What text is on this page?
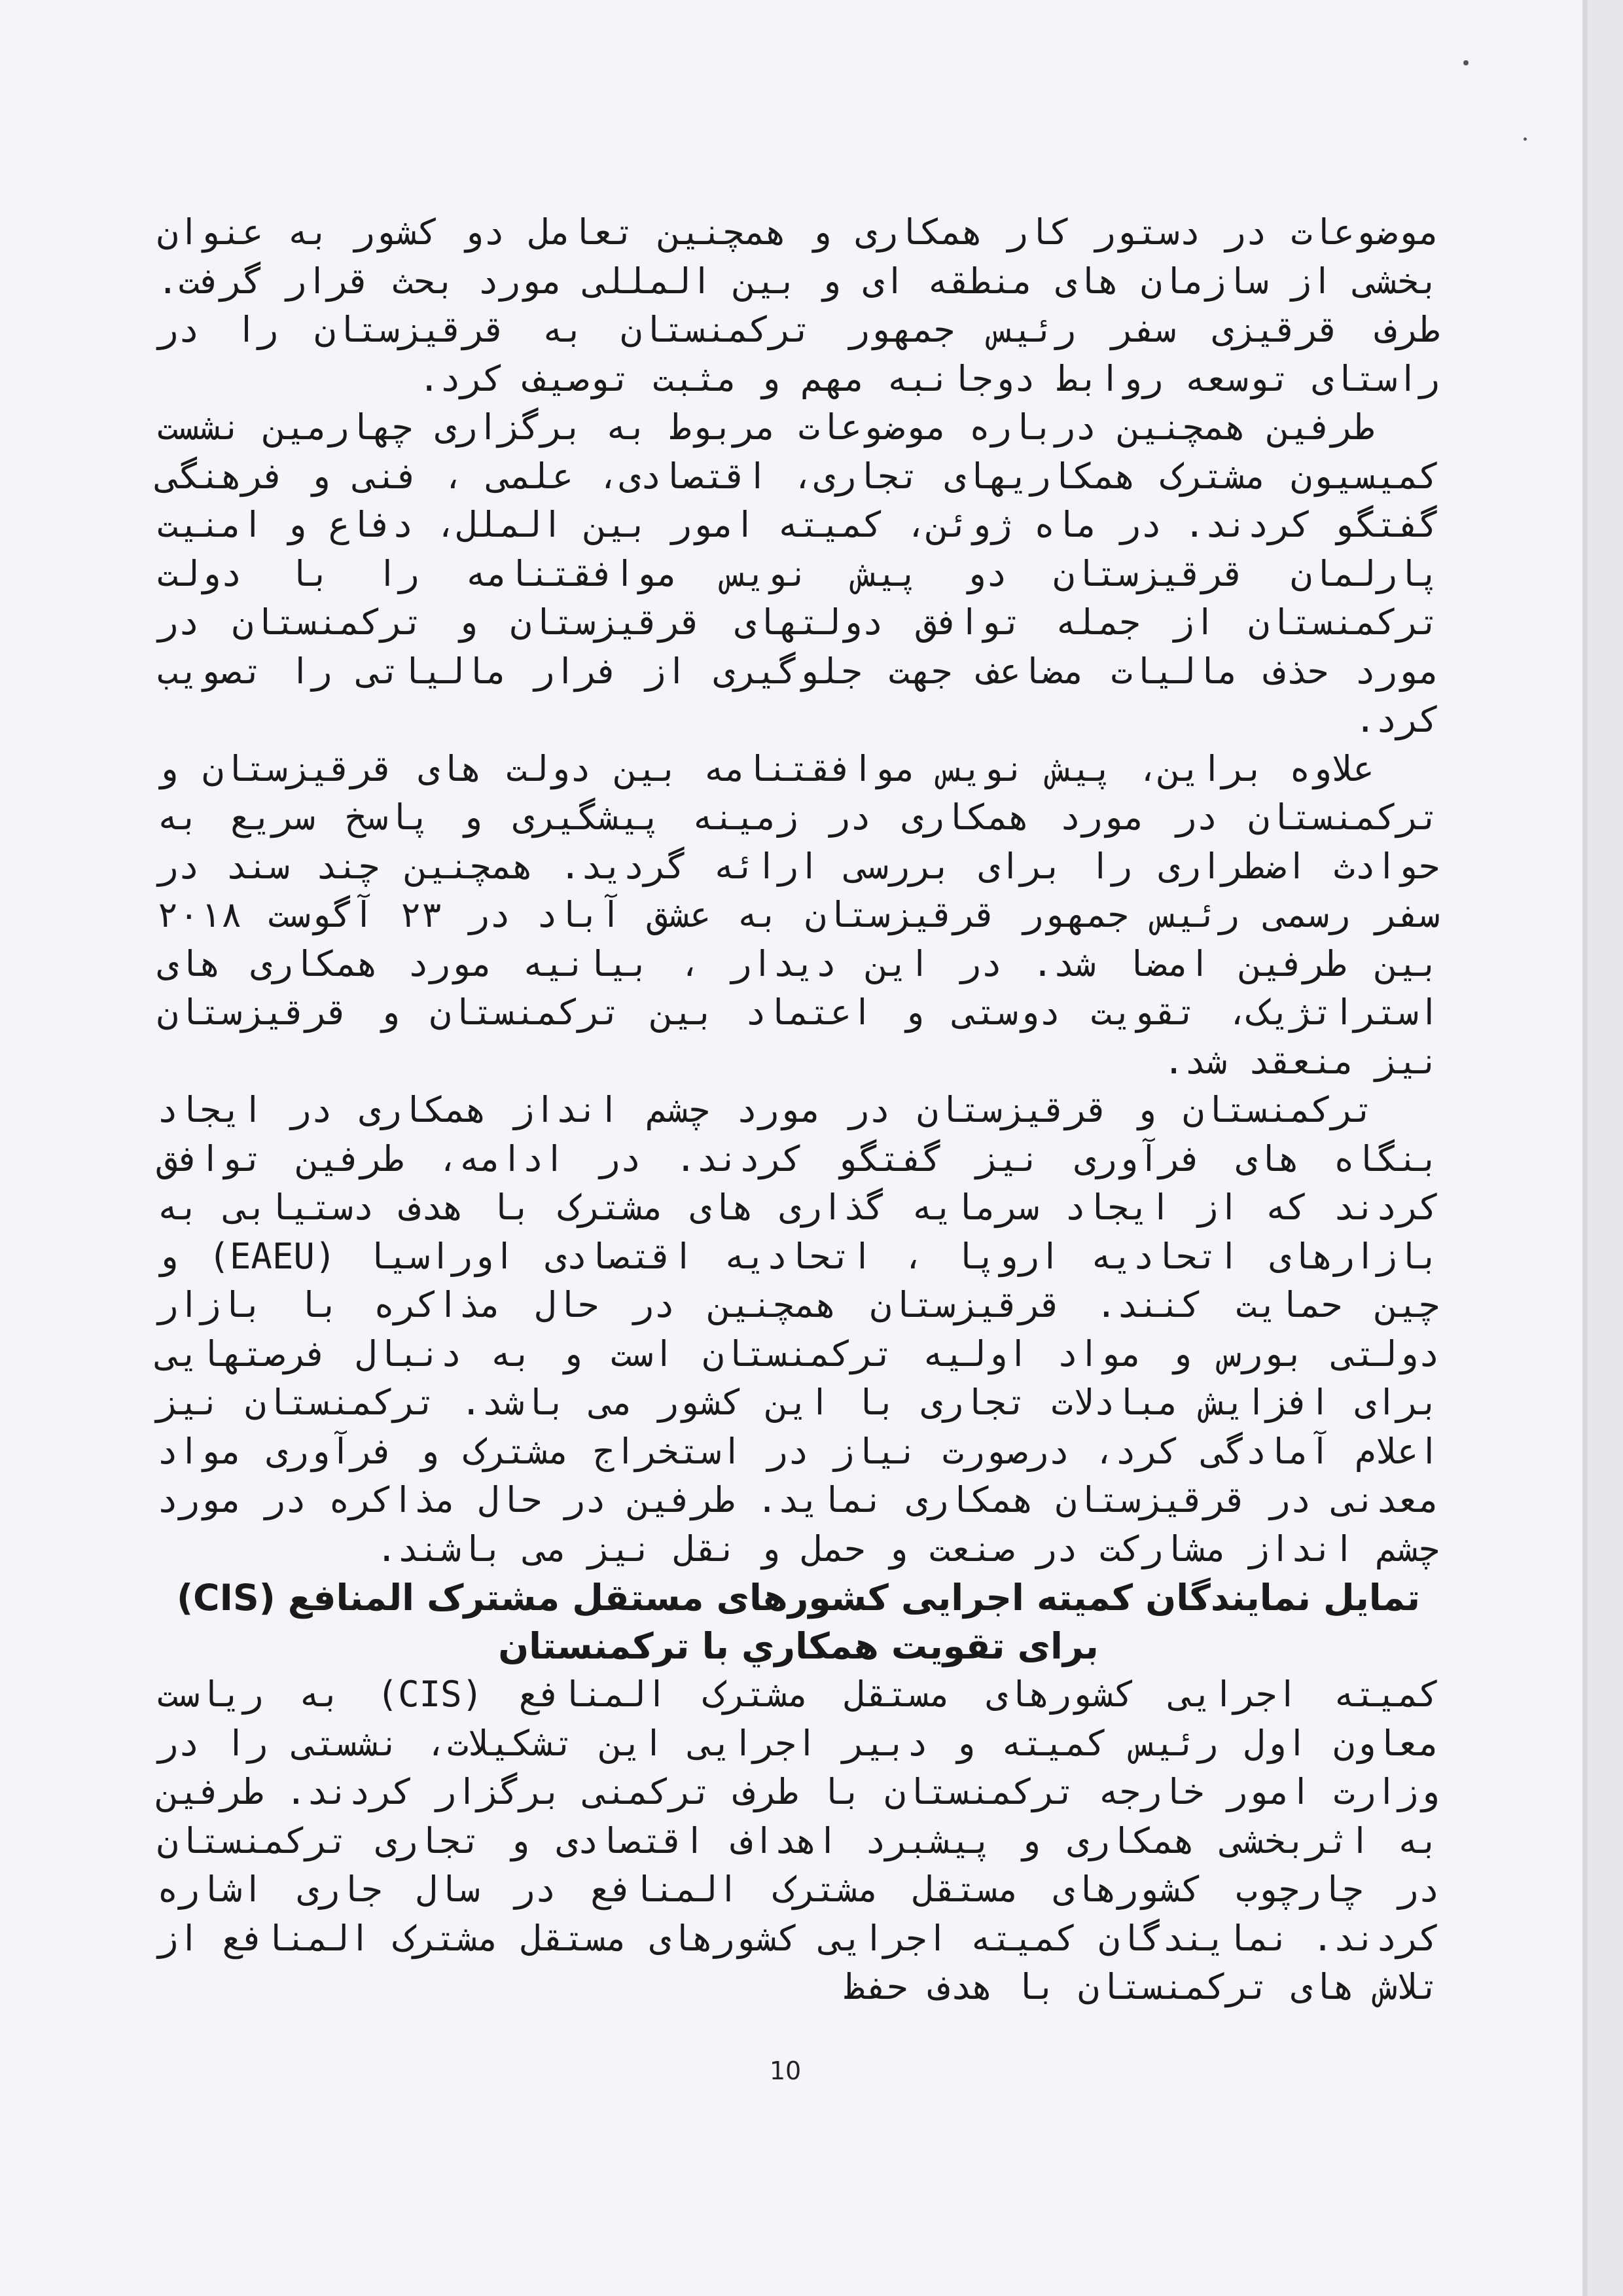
موضوعات در دستور کار همکاری و همچنین تعامل دو کشور به عنوان بخشی از سازمان های منطقه ای و بین المللی مورد بحث قرار گرفت. طرف قرقیزی سفر رئیس جمهور ترکمنستان به قرقیزستان را در راستای توسعه روابط دوجانبه مهم و مثبت توصیف کرد.

طرفین همچنین درباره موضوعات مربوط به برگزاری چهارمین نشست کمیسیون مشترک همکاریهای تجاری، اقتصادی، علمی ، فنی و فرهنگی گفتگو کردند. در ماه ژوئن، کمیته امور بین الملل، دفاع و امنیت پارلمان قرقیزستان دو پیش نویس موافقتنامه را با دولت ترکمنستان از جمله توافق دولتهای قرقیزستان و ترکمنستان در مورد حذف مالیات مضاعف جهت جلوگیری از فرار مالیاتی را تصویب کرد.

علاوه براین، پیش نویس موافقتنامه بین دولت های قرقیزستان و ترکمنستان در مورد همکاری در زمینه پیشگیری و پاسخ سریع به حوادث اضطراری را برای بررسی ارائه گردید. همچنین چند سند در سفر رسمی رئیس جمهور قرقیزستان به عشق آباد در ۲۳ آگوست ۲۰۱۸ بین طرفین امضا شد. در این دیدار ، بیانیه مورد همکاری های استراتژیک، تقویت دوستی و اعتماد بین ترکمنستان و قرقیزستان نیز منعقد شد.

ترکمنستان و قرقیزستان در مورد چشم انداز همکاری در ایجاد بنگاه های فرآوری نیز گفتگو کردند. در ادامه، طرفین توافق کردند که از ایجاد سرمایه گذاری های مشترک با هدف دستیابی به بازارهای اتحادیه اروپا ، اتحادیه اقتصادی اوراسیا (EAEU) و چین حمایت کنند. قرقیزستان همچنین در حال مذاکره با بازار دولتی بورس و مواد اولیه ترکمنستان است و به دنبال فرصتهایی برای افزایش مبادلات تجاری با این کشور می باشد. ترکمنستان نیز اعلام آمادگی کرد، درصورت نیاز در استخراج مشترک و فرآوری مواد معدنی در قرقیزستان همکاری نماید. طرفین در حال مذاکره در مورد چشم انداز مشارکت در صنعت و حمل و نقل نیز می باشند.

تمایل نمایندگان کمیته اجرایی کشورهای مستقل مشترک المنافع (CIS)

برای تقویت همکاري با ترکمنستان

کمیته اجرایی کشورهای مستقل مشترک المنافع (CIS) به ریاست معاون اول رئیس کمیته و دبیر اجرایی این تشکیلات، نشستی را در وزارت امور خارجه ترکمنستان با طرف ترکمنی برگزار کردند. طرفین به اثربخشی همکاری و پیشبرد اهداف اقتصادی و تجاری ترکمنستان در چارچوب کشورهای مستقل مشترک المنافع در سال جاری اشاره کردند. نمایندگان کمیته اجرایی کشورهای مستقل مشترک المنافع از تلاش های ترکمنستان با هدف حفظ

10
